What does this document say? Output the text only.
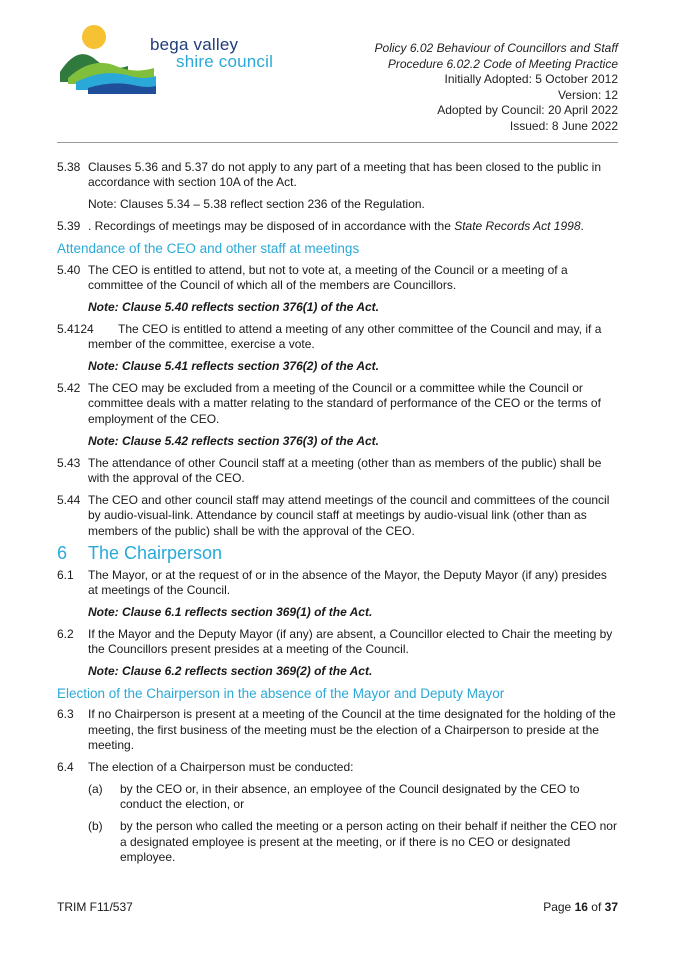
bega valley
shire council
Policy 6.02 Behaviour of Councillors and Staff
Procedure 6.02.2 Code of Meeting Practice
Initially Adopted: 5 October 2012
Version: 12
Adopted by Council: 20 April 2022
Issued: 8 June 2022
5.38 Clauses 5.36 and 5.37 do not apply to any part of a meeting that has been closed to the public in accordance with section 10A of the Act.
Note: Clauses 5.34 – 5.38 reflect section 236 of the Regulation.
5.39 . Recordings of meetings may be disposed of in accordance with the State Records Act 1998.
Attendance of the CEO and other staff at meetings
5.40 The CEO is entitled to attend, but not to vote at, a meeting of the Council or a meeting of a committee of the Council of which all of the members are Councillors.
Note: Clause 5.40 reflects section 376(1) of the Act.
5.4124 The CEO is entitled to attend a meeting of any other committee of the Council and may, if a member of the committee, exercise a vote.
Note: Clause 5.41 reflects section 376(2) of the Act.
5.42 The CEO may be excluded from a meeting of the Council or a committee while the Council or committee deals with a matter relating to the standard of performance of the CEO or the terms of employment of the CEO.
Note: Clause 5.42 reflects section 376(3) of the Act.
5.43 The attendance of other Council staff at a meeting (other than as members of the public) shall be with the approval of the CEO.
5.44 The CEO and other council staff may attend meetings of the council and committees of the council by audio-visual-link. Attendance by council staff at meetings by audio-visual link (other than as members of the public) shall be with the approval of the CEO.
6 The Chairperson
6.1 The Mayor, or at the request of or in the absence of the Mayor, the Deputy Mayor (if any) presides at meetings of the Council.
Note: Clause 6.1 reflects section 369(1) of the Act.
6.2 If the Mayor and the Deputy Mayor (if any) are absent, a Councillor elected to Chair the meeting by the Councillors present presides at a meeting of the Council.
Note: Clause 6.2 reflects section 369(2) of the Act.
Election of the Chairperson in the absence of the Mayor and Deputy Mayor
6.3 If no Chairperson is present at a meeting of the Council at the time designated for the holding of the meeting, the first business of the meeting must be the election of a Chairperson to preside at the meeting.
6.4 The election of a Chairperson must be conducted:
(a) by the CEO or, in their absence, an employee of the Council designated by the CEO to conduct the election, or
(b) by the person who called the meeting or a person acting on their behalf if neither the CEO nor a designated employee is present at the meeting, or if there is no CEO or designated employee.
TRIM F11/537	Page 16 of 37
